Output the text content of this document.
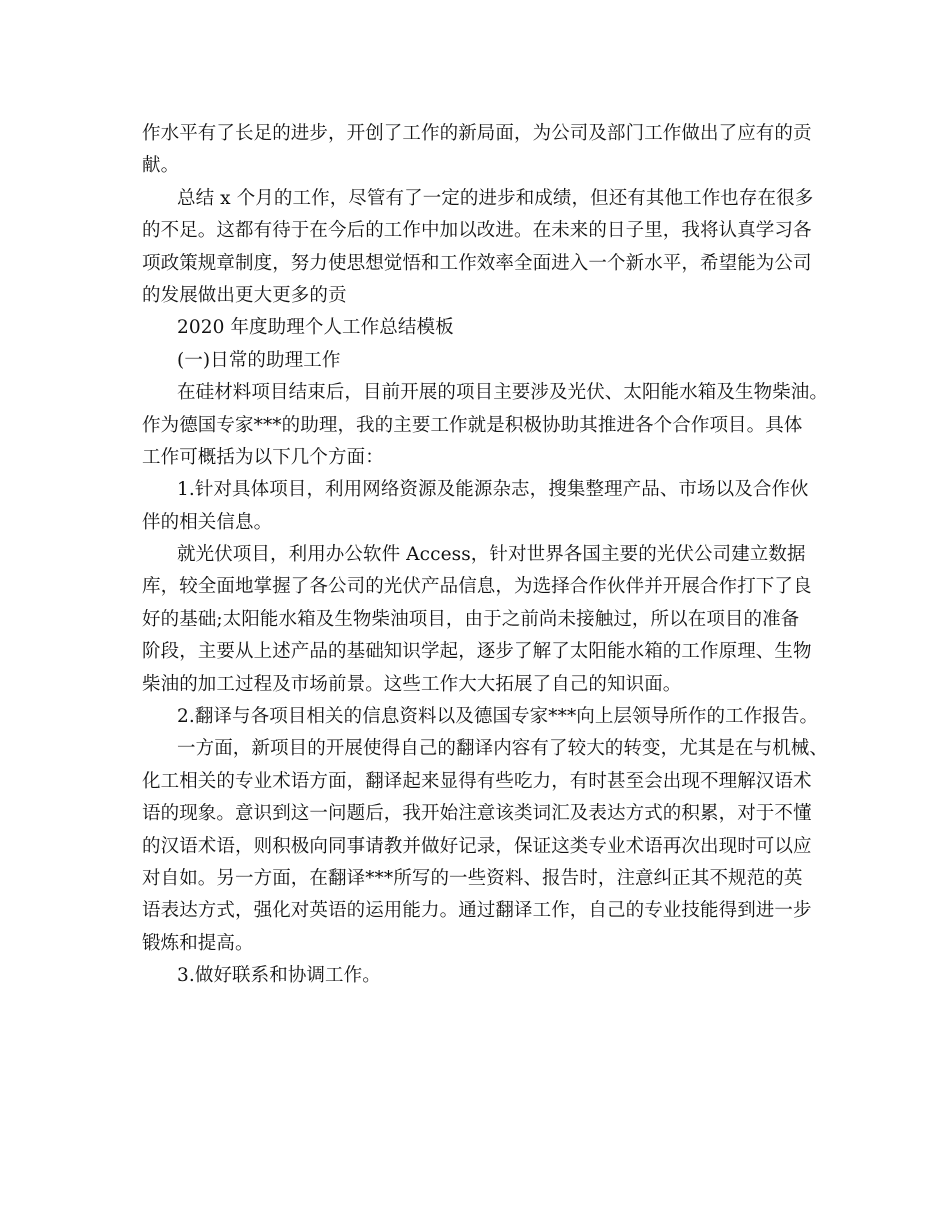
作水平有了长足的进步，开创了工作的新局面，为公司及部门工作做出了应有的贡
献。
总结 x 个月的工作，尽管有了一定的进步和成绩，但还有其他工作也存在很多
的不足。这都有待于在今后的工作中加以改进。在未来的日子里，我将认真学习各
项政策规章制度，努力使思想觉悟和工作效率全面进入一个新水平，希望能为公司
的发展做出更大更多的贡
2020 年度助理个人工作总结模板
(一)日常的助理工作
在硅材料项目结束后，目前开展的项目主要涉及光伏、太阳能水箱及生物柴油。
作为德国专家***的助理，我的主要工作就是积极协助其推进各个合作项目。具体
工作可概括为以下几个方面：
1.针对具体项目，利用网络资源及能源杂志，搜集整理产品、市场以及合作伙
伴的相关信息。
就光伏项目，利用办公软件 Access，针对世界各国主要的光伏公司建立数据
库，较全面地掌握了各公司的光伏产品信息，为选择合作伙伴并开展合作打下了良
好的基础;太阳能水箱及生物柴油项目，由于之前尚未接触过，所以在项目的准备
阶段，主要从上述产品的基础知识学起，逐步了解了太阳能水箱的工作原理、生物
柴油的加工过程及市场前景。这些工作大大拓展了自己的知识面。
2.翻译与各项目相关的信息资料以及德国专家***向上层领导所作的工作报告。
一方面，新项目的开展使得自己的翻译内容有了较大的转变，尤其是在与机械、
化工相关的专业术语方面，翻译起来显得有些吃力，有时甚至会出现不理解汉语术
语的现象。意识到这一问题后，我开始注意该类词汇及表达方式的积累，对于不懂
的汉语术语，则积极向同事请教并做好记录，保证这类专业术语再次出现时可以应
对自如。另一方面，在翻译***所写的一些资料、报告时，注意纠正其不规范的英
语表达方式，强化对英语的运用能力。通过翻译工作，自己的专业技能得到进一步
锻炼和提高。
3.做好联系和协调工作。
